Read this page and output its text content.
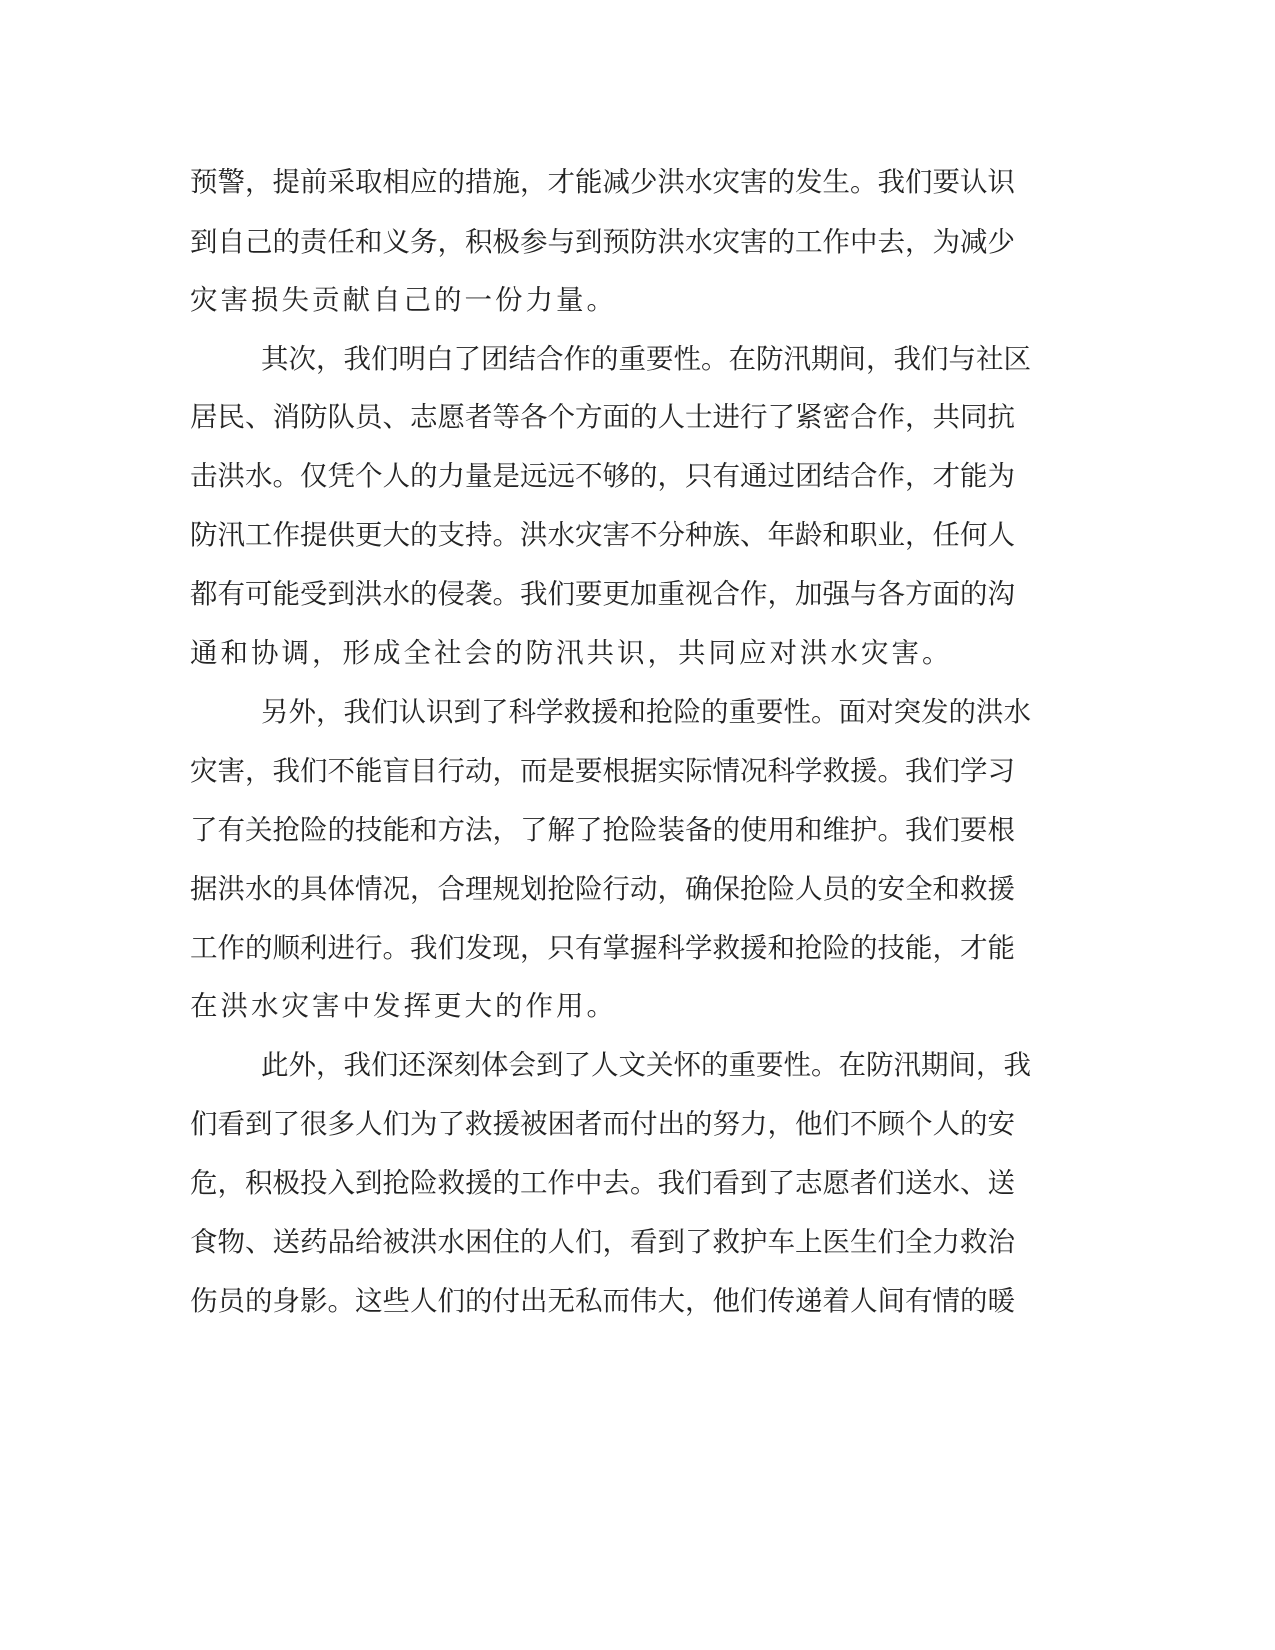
预警，提前采取相应的措施，才能减少洪水灾害的发生。我们要认识
到自己的责任和义务，积极参与到预防洪水灾害的工作中去，为减少
灾害损失贡献自己的一份力量。
其次，我们明白了团结合作的重要性。在防汛期间，我们与社区
居民、消防队员、志愿者等各个方面的人士进行了紧密合作，共同抗
击洪水。仅凭个人的力量是远远不够的，只有通过团结合作，才能为
防汛工作提供更大的支持。洪水灾害不分种族、年龄和职业，任何人
都有可能受到洪水的侵袭。我们要更加重视合作，加强与各方面的沟
通和协调，形成全社会的防汛共识，共同应对洪水灾害。
另外，我们认识到了科学救援和抢险的重要性。面对突发的洪水
灾害，我们不能盲目行动，而是要根据实际情况科学救援。我们学习
了有关抢险的技能和方法，了解了抢险装备的使用和维护。我们要根
据洪水的具体情况，合理规划抢险行动，确保抢险人员的安全和救援
工作的顺利进行。我们发现，只有掌握科学救援和抢险的技能，才能
在洪水灾害中发挥更大的作用。
此外，我们还深刻体会到了人文关怀的重要性。在防汛期间，我
们看到了很多人们为了救援被困者而付出的努力，他们不顾个人的安
危，积极投入到抢险救援的工作中去。我们看到了志愿者们送水、送
食物、送药品给被洪水困住的人们，看到了救护车上医生们全力救治
伤员的身影。这些人们的付出无私而伟大，他们传递着人间有情的暖
